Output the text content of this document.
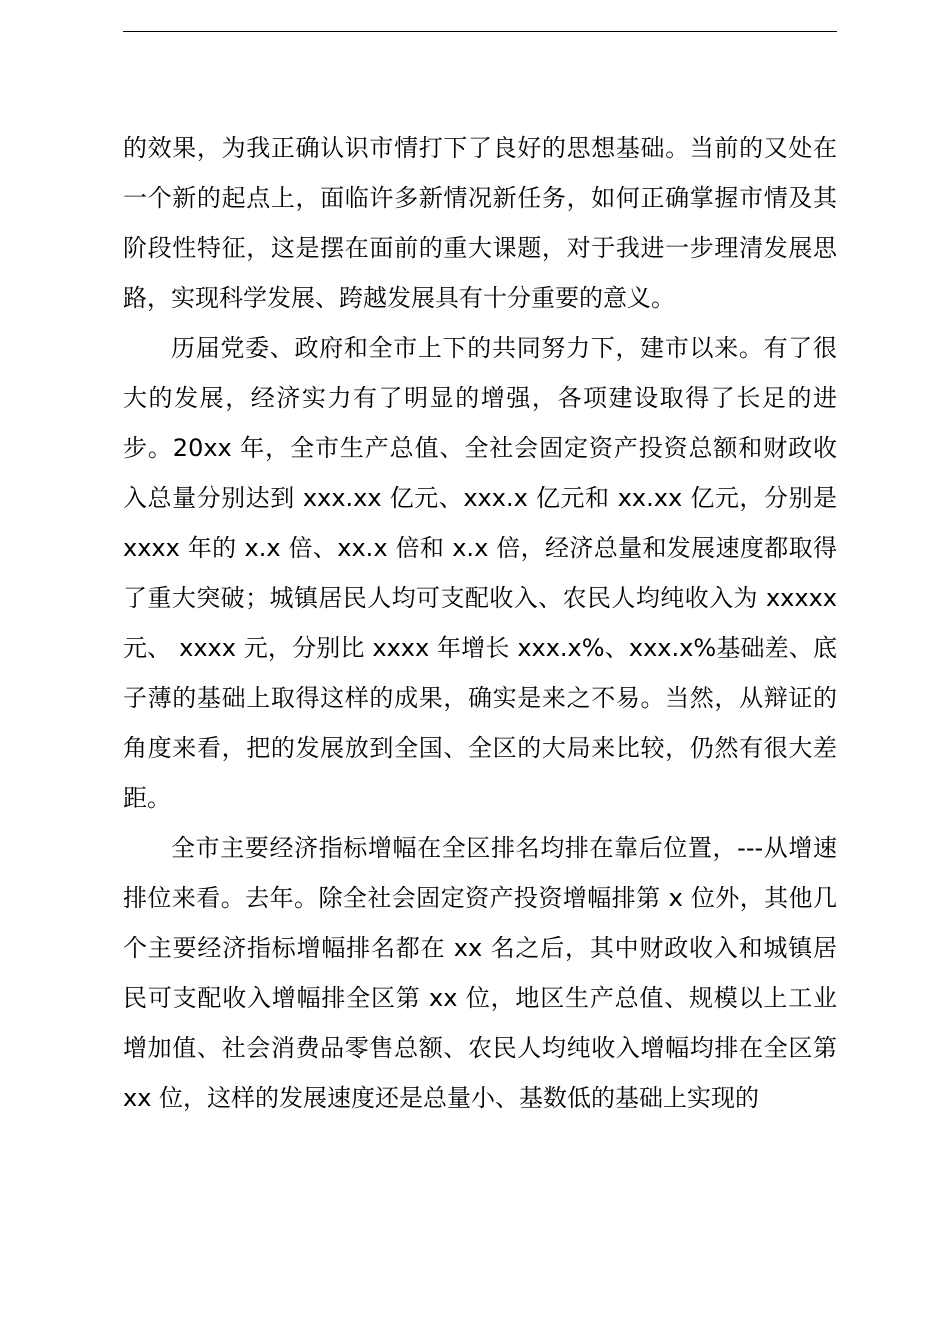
的效果，为我正确认识市情打下了良好的思想基础。当前的又处在一个新的起点上，面临许多新情况新任务，如何正确掌握市情及其阶段性特征，这是摆在面前的重大课题，对于我进一步理清发展思路，实现科学发展、跨越发展具有十分重要的意义。

历届党委、政府和全市上下的共同努力下，建市以来。有了很大的发展，经济实力有了明显的增强，各项建设取得了长足的进步。20xx 年，全市生产总值、全社会固定资产投资总额和财政收入总量分别达到 xxx.xx 亿元、xxx.x 亿元和 xx.xx 亿元，分别是 xxxx 年的 x.x 倍、xx.x 倍和 x.x 倍，经济总量和发展速度都取得了重大突破；城镇居民人均可支配收入、农民人均纯收入为 xxxxx 元、 xxxx 元，分别比 xxxx 年增长 xxx.x%、xxx.x%基础差、底子薄的基础上取得这样的成果，确实是来之不易。当然，从辩证的角度来看，把的发展放到全国、全区的大局来比较，仍然有很大差距。

全市主要经济指标增幅在全区排名均排在靠后位置，---从增速排位来看。去年。除全社会固定资产投资增幅排第 x 位外，其他几个主要经济指标增幅排名都在 xx 名之后，其中财政收入和城镇居民可支配收入增幅排全区第 xx 位，地区生产总值、规模以上工业增加值、社会消费品零售总额、农民人均纯收入增幅均排在全区第 xx 位，这样的发展速度还是总量小、基数低的基础上实现的
